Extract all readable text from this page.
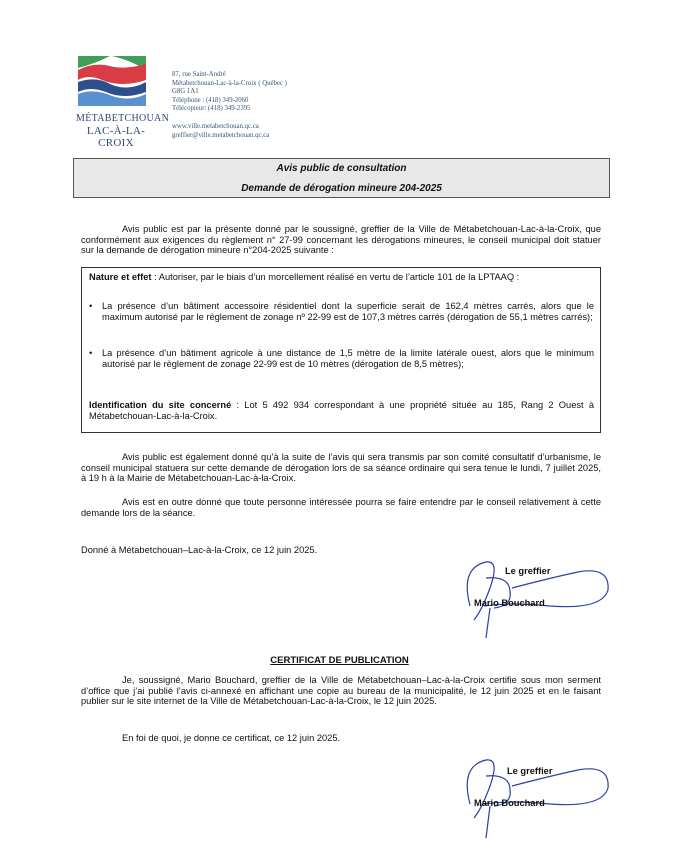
MÉTABETCHOUAN
LAC-À-LA-CROIX
87, rue Saint-André
Métabetchouan-Lac-à-la-Croix ( Québec )
G8G 1A1
Téléphone : (418) 349-2060
Télécopieur: (418) 349-2395
www.ville.metabetchouan.qc.ca
greffier@ville.metabetchouan.qc.ca
Avis public de consultation
Demande de dérogation mineure 204-2025
Avis public est par la présente donné par le soussigné, greffier de la Ville de Métabetchouan-Lac-à-la-Croix, que conformément aux exigences du règlement n° 27-99 concernant les dérogations mineures, le conseil municipal doit statuer sur la demande de dérogation mineure n°204-2025 suivante :
Nature et effet : Autoriser, par le biais d’un morcellement réalisé en vertu de l’article 101 de la LPTAAQ :
• La présence d’un bâtiment accessoire résidentiel dont la superficie serait de 162,4 mètres carrés, alors que le maximum autorisé par le règlement de zonage nº 22-99 est de 107,3 mètres carrés (dérogation de 55,1 mètres carrés);
• La présence d’un bâtiment agricole à une distance de 1,5 mètre de la limite latérale ouest, alors que le minimum autorisé par le règlement de zonage 22-99 est de 10 mètres (dérogation de 8,5 mètres);
Identification du site concerné : Lot 5 492 934 correspondant à une propriété située au 185, Rang 2 Ouest à Métabetchouan-Lac-à-la-Croix.
Avis public est également donné qu’à la suite de l’avis qui sera transmis par son comité consultatif d’urbanisme, le conseil municipal statuera sur cette demande de dérogation lors de sa séance ordinaire qui sera tenue le lundi, 7 juillet 2025, à 19 h à la Mairie de Métabetchouan-Lac-à-la-Croix.
Avis est en outre donné que toute personne intéressée pourra se faire entendre par le conseil relativement à cette demande lors de la séance.
Donné à Métabetchouan–Lac-à-la-Croix, ce 12 juin 2025.
Le greffier
Mario Bouchard
CERTIFICAT DE PUBLICATION
Je, soussigné, Mario Bouchard, greffier de la Ville de Métabetchouan–Lac-à-la-Croix certifie sous mon serment d’office que j’ai publié l’avis ci-annexé en affichant une copie au bureau de la municipalité, le 12 juin 2025 et en le faisant publier sur le site internet de la Ville de Métabetchouan-Lac-à-la-Croix, le 12 juin 2025.
En foi de quoi, je donne ce certificat, ce 12 juin 2025.
Le greffier
Mario Bouchard
